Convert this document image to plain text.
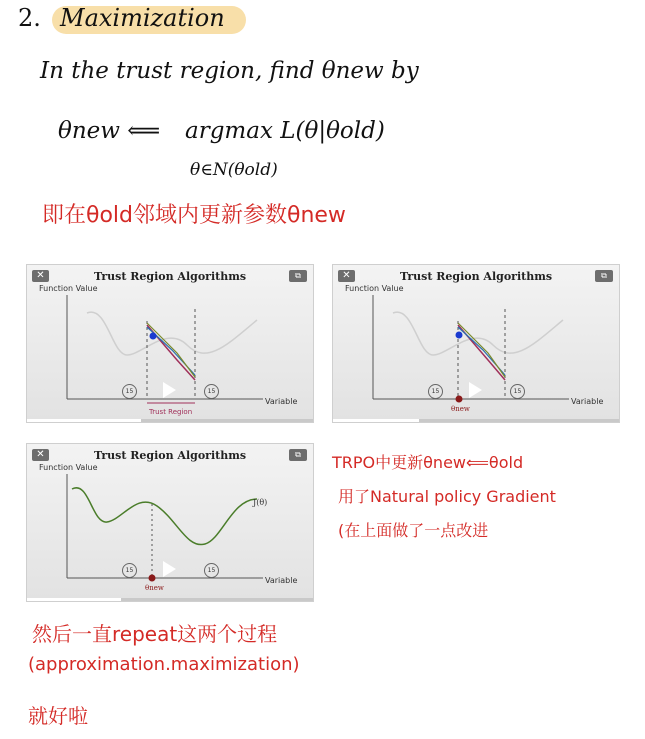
2. Maximization
In the trust region, find θnew by
θnew ⟸ argmax L(θ|θold)
θ∈N(θold)
即在θold邻域内更新参数θnew
✕	Trust Region Algorithms	⧉
Function Value
15	15
Variable
Trust Region
✕	Trust Region Algorithms	⧉
Function Value
15	15
Variable
θnew
✕	Trust Region Algorithms	⧉
Function Value
J(θ)
15	15
Variable
θnew
TRPO中更新θnew⟸θold
用了Natural policy Gradient
(在上面做了一点改进
然后一直repeat这两个过程
(approximation.maximization)
就好啦
